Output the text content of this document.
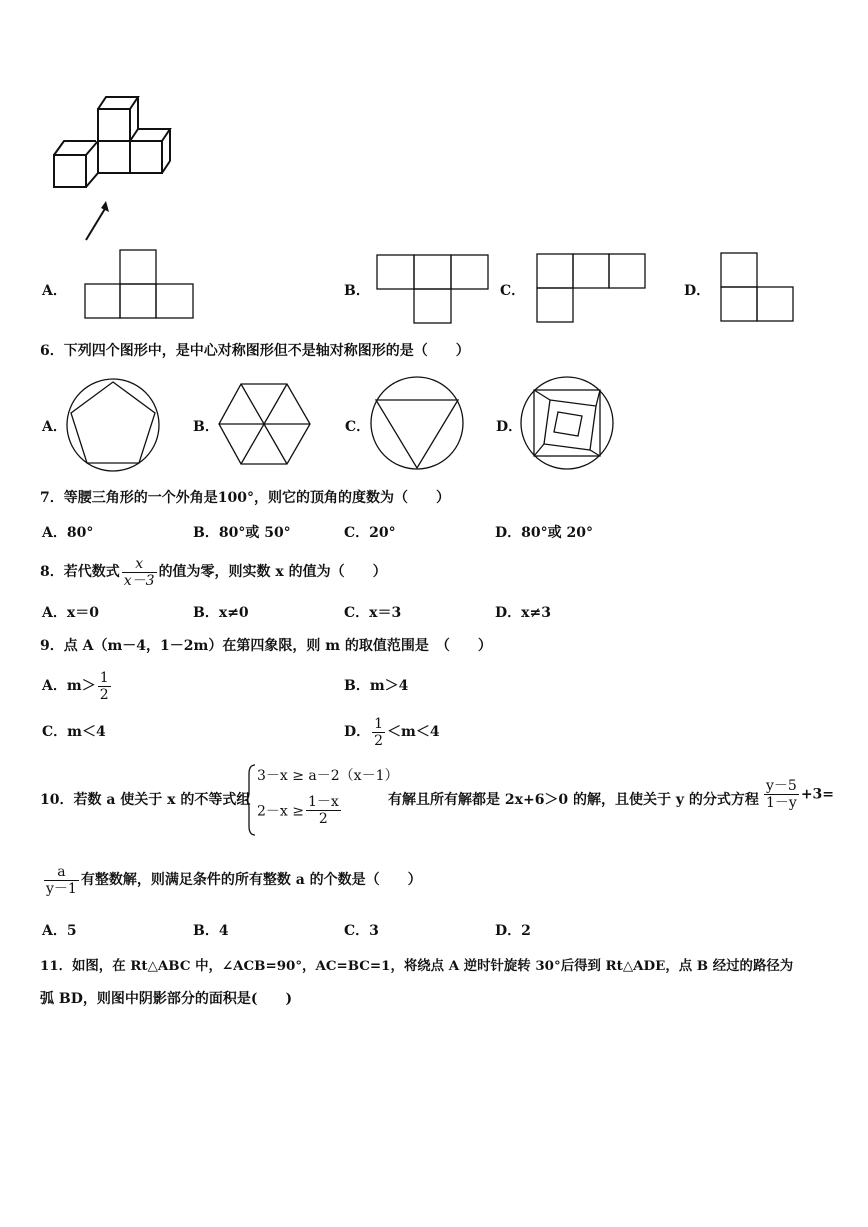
A．	B．	C．	D．
6．下列四个图形中，是中心对称图形但不是轴对称图形的是（　　）
A．	B．	C．	D．
7．等腰三角形的一个外角是100°，则它的顶角的度数为（　　）
A．80°	B．80°或 50°	C．20°	D．80°或 20°
8．若代数式 $\frac{x}{x-3}$ 的值为零，则实数 x 的值为（　　）
A．x＝0	B．x≠0	C．x＝3	D．x≠3
9．点 A（m－4，1－2m）在第四象限，则 m 的取值范围是　（　　）
A．$m> \frac{1}{2}$	B．m＞4
C．m＜4	D． $\frac{1}{2} <m<4$
10．若数 a 使关于 x 的不等式组
3－x ≥ a－2（x－1）
$2-x \ge \frac{1-x}{2}$	有解且所有解都是 2x+6＞0 的解，且使关于 y 的分式方程 $\frac{y-5}{1-y} +3=$
$\frac{a}{y-1}$ 有整数解，则满足条件的所有整数 a 的个数是（　　）
A．5	B．4	C．3	D．2
11．如图，在 Rt△ABC 中，∠ACB=90°，AC=BC=1，将绕点 A 逆时针旋转 30°后得到 Rt△ADE，点 B 经过的路径为
弧 BD，则图中阴影部分的面积是(　　)
